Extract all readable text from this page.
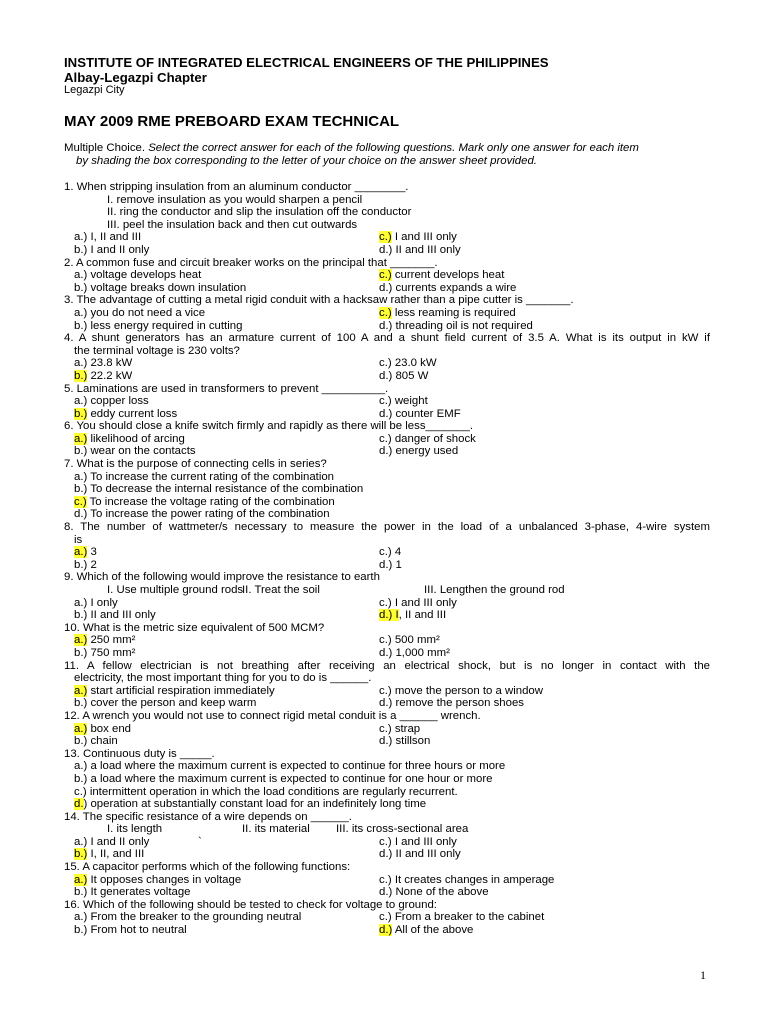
INSTITUTE OF INTEGRATED ELECTRICAL ENGINEERS OF THE PHILIPPINES
Albay-Legazpi Chapter
Legazpi City
MAY 2009 RME PREBOARD EXAM TECHNICAL
Multiple Choice. Select the correct answer for each of the following questions. Mark only one answer for each item
by shading the box corresponding to the letter of your choice on the answer sheet provided.
1. When stripping insulation from an aluminum conductor ________.
I. remove insulation as you would sharpen a pencil
II. ring the conductor and slip the insulation off the conductor
III. peel the insulation back and then cut outwards
a.) I, II and III	c.) I and III only
b.) I and II only	d.) II and III only
2. A common fuse and circuit breaker works on the principal that _______.
a.) voltage develops heat	c.) current develops heat
b.) voltage breaks down insulation	d.) currents expands a wire
3. The advantage of cutting a metal rigid conduit with a hacksaw rather than a pipe cutter is _______.
a.) you do not need a vice	c.) less reaming is required
b.) less energy required in cutting	d.) threading oil is not required
4. A shunt generators has an armature current of 100 A and a shunt field current of 3.5 A. What is its output in kW if
the terminal voltage is 230 volts?
a.) 23.8 kW	c.) 23.0 kW
b.) 22.2 kW	d.) 805 W
5. Laminations are used in transformers to prevent __________.
a.) copper loss	c.) weight
b.) eddy current loss	d.) counter EMF
6. You should close a knife switch firmly and rapidly as there will be less_______.
a.) likelihood of arcing	c.) danger of shock
b.) wear on the contacts	d.) energy used
7. What is the purpose of connecting cells in series?
a.) To increase the current rating of the combination
b.) To decrease the internal resistance of the combination
c.) To increase the voltage rating of the combination
d.) To increase the power rating of the combination
8. The number of wattmeter/s necessary to measure the power in the load of a unbalanced 3-phase, 4-wire system
is
a.) 3	c.) 4
b.) 2	d.) 1
9. Which of the following would improve the resistance to earth
I. Use multiple ground rods
II. Treat the soil	III. Lengthen the ground rod
a.) I only	c.) I and III only
b.) II and III only	d.) I, II and III
10. What is the metric size equivalent of 500 MCM?
a.) 250 mm²	c.) 500 mm²
b.) 750 mm²	d.) 1,000 mm²
11. A fellow electrician is not breathing after receiving an electrical shock, but is no longer in contact with the
electricity, the most important thing for you to do is ______.
a.) start artificial respiration immediately	c.) move the person to a window
b.) cover the person and keep warm	d.) remove the person shoes
12. A wrench you would not use to connect rigid metal conduit is a ______ wrench.
a.) box end	c.) strap
b.) chain	d.) stillson
13. Continuous duty is _____.
a.) a load where the maximum current is expected to continue for three hours or more
b.) a load where the maximum current is expected to continue for one hour or more
c.) intermittent operation in which the load conditions are regularly recurrent.
d.) operation at substantially constant load for an indefinitely long time
14. The specific resistance of a wire depends on ______.
I. its length	II. its material III. its cross-sectional area
a.) I and II only	`	c.) I and III only
b.) I, II, and III	d.) II and III only
15. A capacitor performs which of the following functions:
a.) It opposes changes in voltage	c.) It creates changes in amperage
b.) It generates voltage	d.) None of the above
16. Which of the following should be tested to check for voltage to ground:
a.) From the breaker to the grounding neutral	c.) From a breaker to the cabinet
b.) From hot to neutral	d.) All of the above
1
